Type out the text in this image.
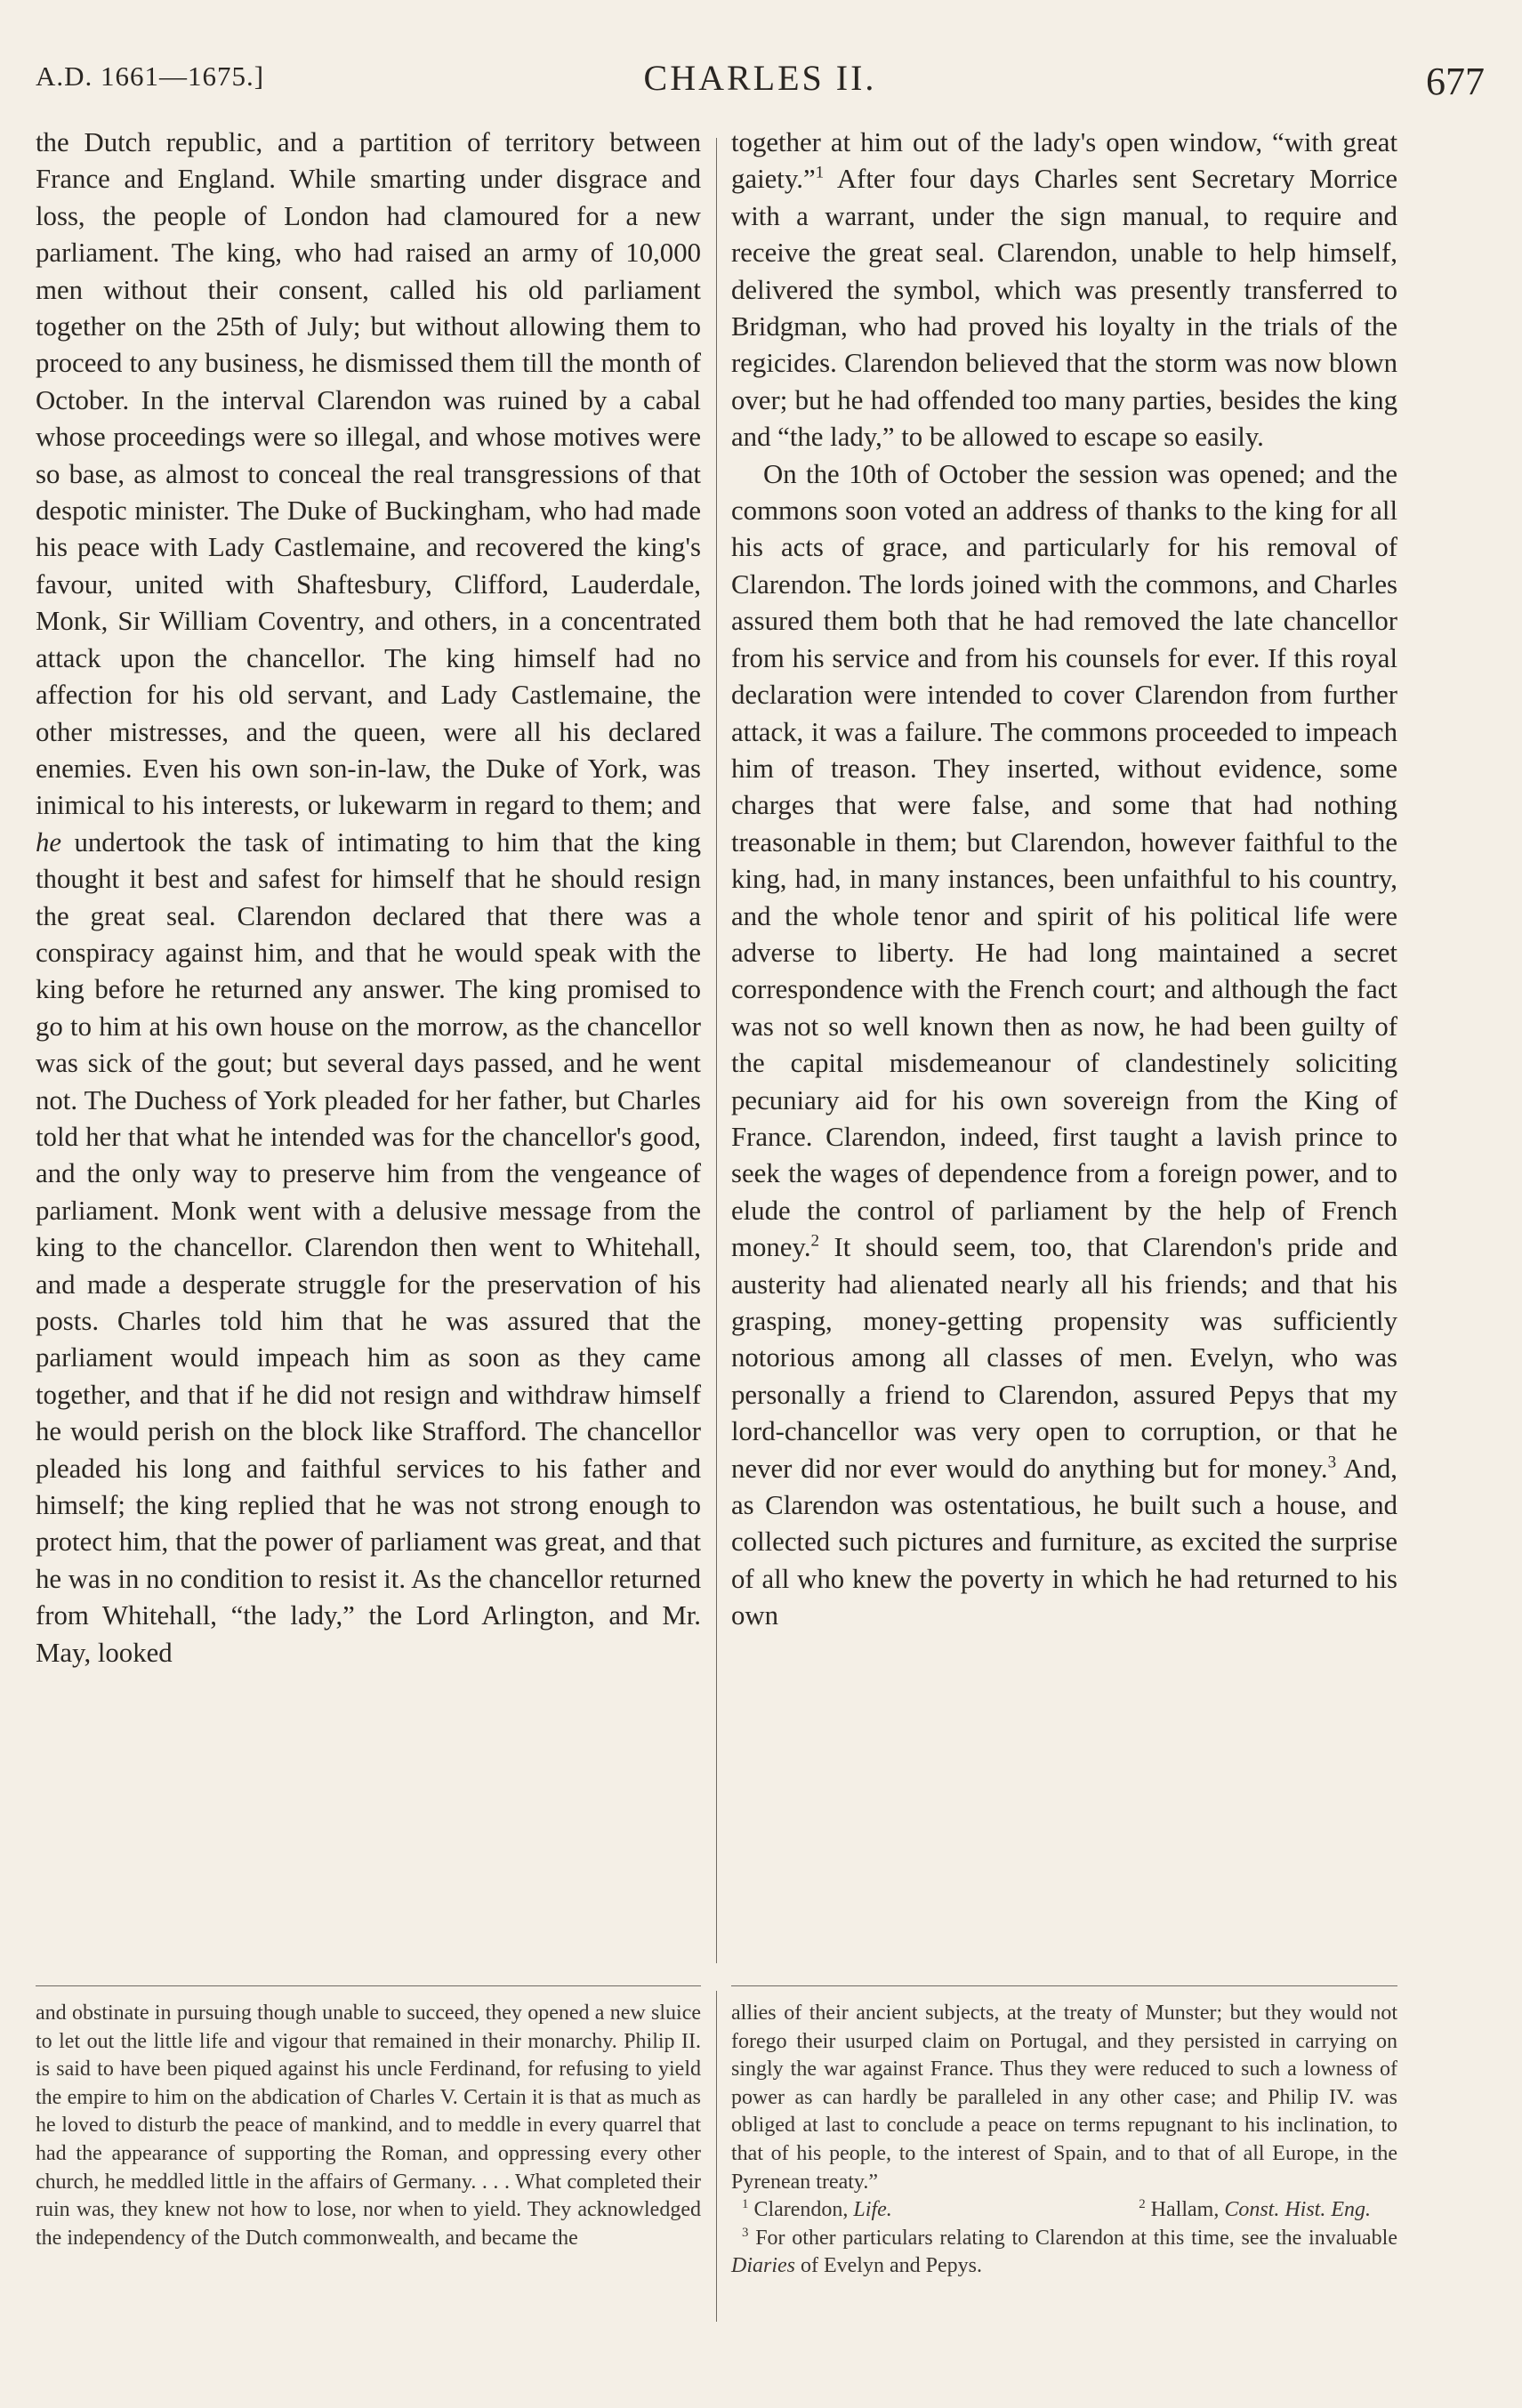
A.D. 1661—1675.]	CHARLES II.	677

the Dutch republic, and a partition of territory between France and England. While smarting under disgrace and loss, the people of London had clamoured for a new parliament. The king, who had raised an army of 10,000 men without their consent, called his old parliament together on the 25th of July; but without allowing them to proceed to any business, he dismissed them till the month of October. In the interval Clarendon was ruined by a cabal whose proceedings were so illegal, and whose motives were so base, as almost to conceal the real transgressions of that despotic minister. The Duke of Buckingham, who had made his peace with Lady Castlemaine, and recovered the king's favour, united with Shaftesbury, Clifford, Lauderdale, Monk, Sir William Coventry, and others, in a concentrated attack upon the chancellor. The king himself had no affection for his old servant, and Lady Castlemaine, the other mistresses, and the queen, were all his declared enemies. Even his own son-in-law, the Duke of York, was inimical to his interests, or lukewarm in regard to them; and he undertook the task of intimating to him that the king thought it best and safest for himself that he should resign the great seal. Clarendon declared that there was a conspiracy against him, and that he would speak with the king before he returned any answer. The king promised to go to him at his own house on the morrow, as the chancellor was sick of the gout; but several days passed, and he went not. The Duchess of York pleaded for her father, but Charles told her that what he intended was for the chancellor's good, and the only way to preserve him from the vengeance of parliament. Monk went with a delusive message from the king to the chancellor. Clarendon then went to Whitehall, and made a desperate struggle for the preservation of his posts. Charles told him that he was assured that the parliament would impeach him as soon as they came together, and that if he did not resign and withdraw himself he would perish on the block like Strafford. The chancellor pleaded his long and faithful services to his father and himself; the king replied that he was not strong enough to protect him, that the power of parliament was great, and that he was in no condition to resist it. As the chancellor returned from Whitehall, “the lady,” the Lord Arlington, and Mr. May, looked

together at him out of the lady's open window, “with great gaiety.”$^1$ After four days Charles sent Secretary Morrice with a warrant, under the sign manual, to require and receive the great seal. Clarendon, unable to help himself, delivered the symbol, which was presently transferred to Bridgman, who had proved his loyalty in the trials of the regicides. Clarendon believed that the storm was now blown over; but he had offended too many parties, besides the king and “the lady,” to be allowed to escape so easily.

On the 10th of October the session was opened; and the commons soon voted an address of thanks to the king for all his acts of grace, and particularly for his removal of Clarendon. The lords joined with the commons, and Charles assured them both that he had removed the late chancellor from his service and from his counsels for ever. If this royal declaration were intended to cover Clarendon from further attack, it was a failure. The commons proceeded to impeach him of treason. They inserted, without evidence, some charges that were false, and some that had nothing treasonable in them; but Clarendon, however faithful to the king, had, in many instances, been unfaithful to his country, and the whole tenor and spirit of his political life were adverse to liberty. He had long maintained a secret correspondence with the French court; and although the fact was not so well known then as now, he had been guilty of the capital misdemeanour of clandestinely soliciting pecuniary aid for his own sovereign from the King of France. Clarendon, indeed, first taught a lavish prince to seek the wages of dependence from a foreign power, and to elude the control of parliament by the help of French money.$^2$ It should seem, too, that Clarendon's pride and austerity had alienated nearly all his friends; and that his grasping, money-getting propensity was sufficiently notorious among all classes of men. Evelyn, who was personally a friend to Clarendon, assured Pepys that my lord-chancellor was very open to corruption, or that he never did nor ever would do anything but for money.$^3$ And, as Clarendon was ostentatious, he built such a house, and collected such pictures and furniture, as excited the surprise of all who knew the poverty in which he had returned to his own

and obstinate in pursuing though unable to succeed, they opened a new sluice to let out the little life and vigour that remained in their monarchy. Philip II. is said to have been piqued against his uncle Ferdinand, for refusing to yield the empire to him on the abdication of Charles V. Certain it is that as much as he loved to disturb the peace of mankind, and to meddle in every quarrel that had the appearance of supporting the Roman, and oppressing every other church, he meddled little in the affairs of Germany. . . . What completed their ruin was, they knew not how to lose, nor when to yield. They acknowledged the independency of the Dutch commonwealth, and became the

allies of their ancient subjects, at the treaty of Munster; but they would not forego their usurped claim on Portugal, and they persisted in carrying on singly the war against France. Thus they were reduced to such a lowness of power as can hardly be paralleled in any other case; and Philip IV. was obliged at last to conclude a peace on terms repugnant to his inclination, to that of his people, to the interest of Spain, and to that of all Europe, in the Pyrenean treaty.”

$^1$ Clarendon, Life.	$^2$ Hallam, Const. Hist. Eng.

$^3$ For other particulars relating to Clarendon at this time, see the invaluable Diaries of Evelyn and Pepys.
